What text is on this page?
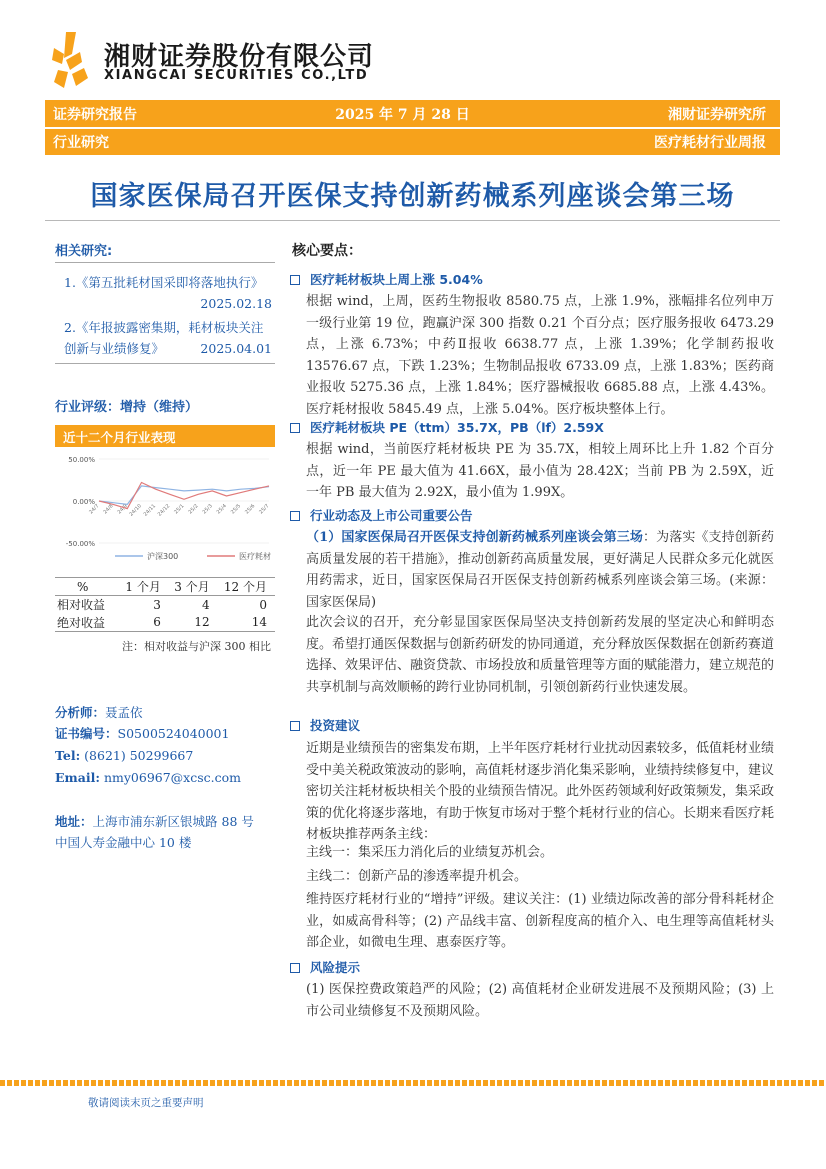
湘财证券股份有限公司
XIANGCAI SECURITIES CO.,LTD
证券研究报告	2025 年 7 月 28 日	湘财证券研究所
行业研究	医疗耗材行业周报
国家医保局召开医保支持创新药械系列座谈会第三场
相关研究:
1.《第五批耗材国采即将落地执行》
2025.02.18
2.《年报披露密集期，耗材板块关注创新与业绩修复》	2025.04.01
行业评级：增持（维持）
近十二个月行业表现
50.00%
0.00%
-50.00%
24/7 24/8 24/9 24/10 24/11 24/12 25/1 25/2 25/3 25/4 25/5 25/6 25/7
沪深300	医疗耗材
%	1 个月	3 个月	12 个月
相对收益	3	4	0
绝对收益	6	12	14
注：相对收益与沪深 300 相比
分析师：聂孟依
证书编号：S0500524040001
Tel: (8621) 50299667
Email: nmy06967@xcsc.com
地址：上海市浦东新区银城路 88 号
中国人寿金融中心 10 楼
核心要点：
医疗耗材板块上周上涨 5.04%
根据 wind，上周，医药生物报收 8580.75 点，上涨 1.9%，涨幅排名位列申万一级行业第 19 位，跑赢沪深 300 指数 0.21 个百分点；医疗服务报收 6473.29 点，上涨 6.73%；中药Ⅱ报收 6638.77 点，上涨 1.39%；化学制药报收 13576.67 点，下跌 1.23%；生物制品报收 6733.09 点，上涨 1.83%；医药商业报收 5275.36 点，上涨 1.84%；医疗器械报收 6685.88 点，上涨 4.43%。医疗耗材报收 5845.49 点，上涨 5.04%。医疗板块整体上行。
医疗耗材板块 PE（ttm）35.7X，PB（lf）2.59X
根据 wind，当前医疗耗材板块 PE 为 35.7X，相较上周环比上升 1.82 个百分点，近一年 PE 最大值为 41.66X，最小值为 28.42X；当前 PB 为 2.59X，近一年 PB 最大值为 2.92X，最小值为 1.99X。
行业动态及上市公司重要公告
（1）国家医保局召开医保支持创新药械系列座谈会第三场：为落实《支持创新药高质量发展的若干措施》，推动创新药高质量发展，更好满足人民群众多元化就医用药需求，近日，国家医保局召开医保支持创新药械系列座谈会第三场。(来源：国家医保局)
此次会议的召开，充分彰显国家医保局坚决支持创新药发展的坚定决心和鲜明态度。希望打通医保数据与创新药研发的协同通道，充分释放医保数据在创新药赛道选择、效果评估、融资贷款、市场投放和质量管理等方面的赋能潜力，建立规范的共享机制与高效顺畅的跨行业协同机制，引领创新药行业快速发展。
投资建议
近期是业绩预告的密集发布期，上半年医疗耗材行业扰动因素较多，低值耗材业绩受中美关税政策波动的影响，高值耗材逐步消化集采影响，业绩持续修复中，建议密切关注耗材板块相关个股的业绩预告情况。此外医药领域利好政策频发，集采政策的优化将逐步落地，有助于恢复市场对于整个耗材行业的信心。长期来看医疗耗材板块推荐两条主线：
主线一：集采压力消化后的业绩复苏机会。
主线二：创新产品的渗透率提升机会。
维持医疗耗材行业的“增持”评级。建议关注：(1) 业绩边际改善的部分骨科耗材企业，如威高骨科等；(2) 产品线丰富、创新程度高的植介入、电生理等高值耗材头部企业，如微电生理、惠泰医疗等。
风险提示
(1) 医保控费政策趋严的风险；(2) 高值耗材企业研发进展不及预期风险；(3) 上市公司业绩修复不及预期风险。
敬请阅读末页之重要声明
